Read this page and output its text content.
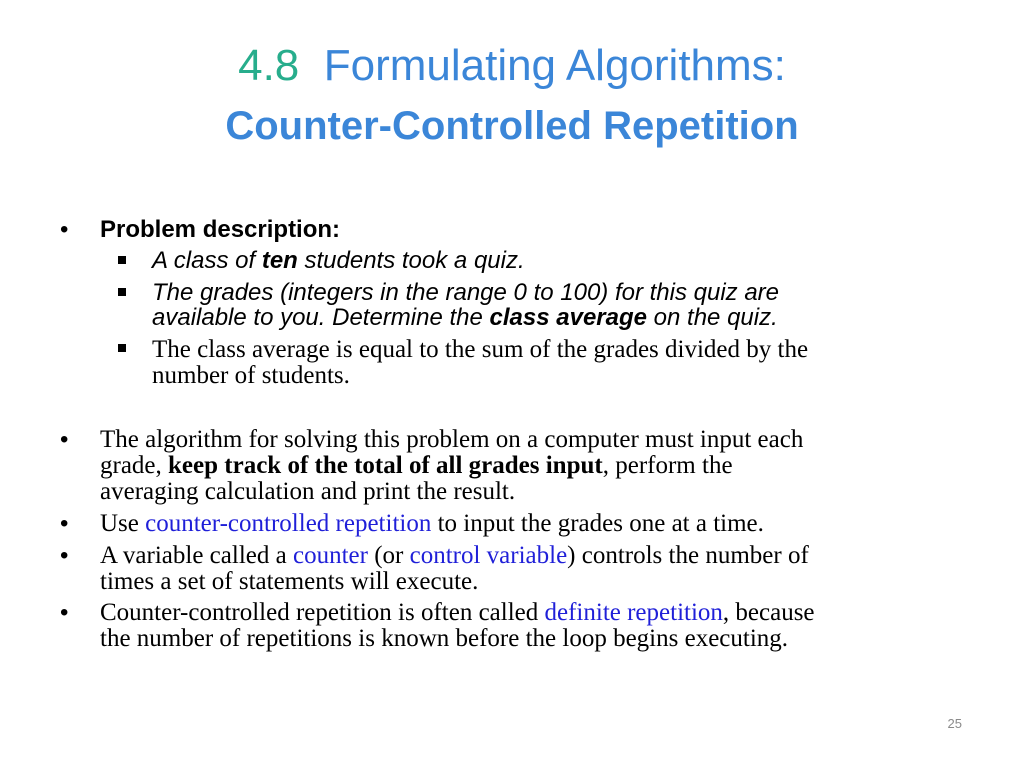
4.8 Formulating Algorithms:
Counter-Controlled Repetition
• Problem description:
A class of ten students took a quiz.
The grades (integers in the range 0 to 100) for this quiz are
available to you. Determine the class average on the quiz.
The class average is equal to the sum of the grades divided by the
number of students.
• The algorithm for solving this problem on a computer must input each
grade, keep track of the total of all grades input, perform the
averaging calculation and print the result.
• Use counter-controlled repetition to input the grades one at a time.
• A variable called a counter (or control variable) controls the number of
times a set of statements will execute.
• Counter-controlled repetition is often called definite repetition, because
the number of repetitions is known before the loop begins executing.
25
